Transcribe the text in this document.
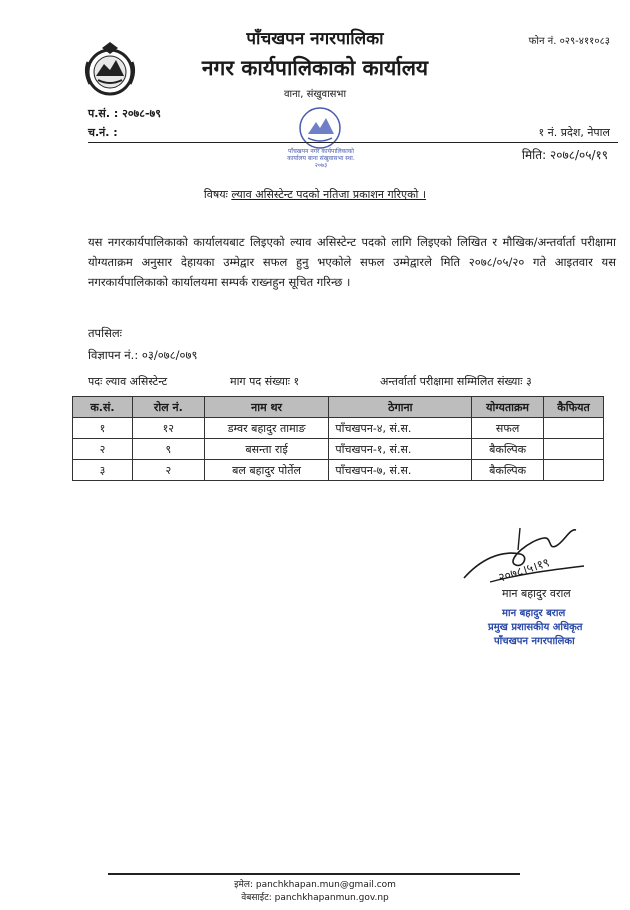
पाँचखपन नगरपालिका
नगर कार्यपालिकाको कार्यालय
वाना, संखुवासभा
फोन नं. ०२९-४११०८३
प.सं. : २०७८-७९
च.नं. :	१ नं. प्रदेश, नेपाल
पाँचखपन नगर कार्यपालिकाको कार्यालय बाना संखुवासभा स्था. २०७३
मिति: २०७८/०५/१९
विषयः ल्याव असिस्टेन्ट पदको नतिजा प्रकाशन गरिएको ।
यस नगरकार्यपालिकाको कार्यालयबाट लिइएको ल्याव असिस्टेन्ट पदको लागि लिइएको लिखित र मौखिक/अन्तर्वार्ता परीक्षामा योग्यताक्रम अनुसार देहायका उम्मेद्वार सफल हुनु भएकोले सफल उम्मेद्वारले मिति २०७८/०५/२० गते आइतवार यस नगरकार्यपालिकाको कार्यालयमा सम्पर्क राख्नहुन सूचित गरिन्छ ।
तपसिलः
विज्ञापन नं.: ०३/०७८/०७९
पदः ल्याव असिस्टेन्ट	माग पद संख्याः १	अन्तर्वार्ता परीक्षामा सम्मिलित संख्याः ३
क.सं.	रोल नं.	नाम थर	ठेगाना	योग्यताक्रम	कैफियत
१	१२	डम्वर बहादुर तामाङ	पाँचखपन-४, सं.स.	सफल	
२	९	बसन्ता राई	पाँचखपन-१, सं.स.	बैकल्पिक	
३	२	बल बहादुर पोर्तेल	पाँचखपन-७, सं.स.	बैकल्पिक	
२०७८।५।१९
मान बहादुर वराल
मान बहादुर बराल
प्रमुख प्रशासकीय अधिकृत
पाँचखपन नगरपालिका
इमेल: panchkhapan.mun@gmail.com
वेबसाईट: panchkhapanmun.gov.np
